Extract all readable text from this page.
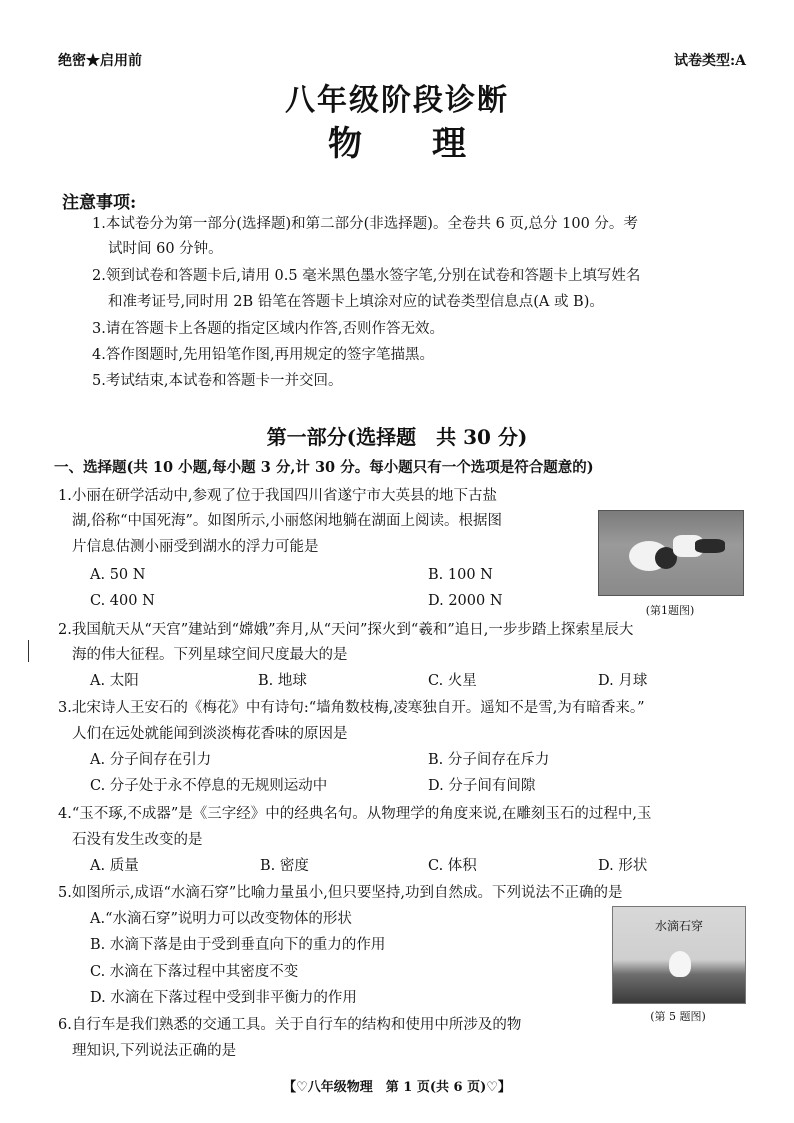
绝密★启用前	试卷类型:A
八年级阶段诊断
物理
注意事项:
1.本试卷分为第一部分(选择题)和第二部分(非选择题)。全卷共 6 页,总分 100 分。考
试时间 60 分钟。
2.领到试卷和答题卡后,请用 0.5 毫米黑色墨水签字笔,分别在试卷和答题卡上填写姓名
和准考证号,同时用 2B 铅笔在答题卡上填涂对应的试卷类型信息点(A 或 B)。
3.请在答题卡上各题的指定区域内作答,否则作答无效。
4.答作图题时,先用铅笔作图,再用规定的签字笔描黑。
5.考试结束,本试卷和答题卡一并交回。
第一部分(选择题　共 30 分)
一、选择题(共 10 小题,每小题 3 分,计 30 分。每小题只有一个选项是符合题意的)
1.小丽在研学活动中,参观了位于我国四川省遂宁市大英县的地下古盐
湖,俗称“中国死海”。如图所示,小丽悠闲地躺在湖面上阅读。根据图
片信息估测小丽受到湖水的浮力可能是
A. 50 N	B. 100 N
C. 400 N	D. 2000 N
(第1题图)
2.我国航天从“天宫”建站到“嫦娥”奔月,从“天问”探火到“羲和”追日,一步步踏上探索星辰大
海的伟大征程。下列星球空间尺度最大的是
A. 太阳	B. 地球	C. 火星	D. 月球
3.北宋诗人王安石的《梅花》中有诗句:“墙角数枝梅,凌寒独自开。遥知不是雪,为有暗香来。”
人们在远处就能闻到淡淡梅花香味的原因是
A. 分子间存在引力	B. 分子间存在斥力
C. 分子处于永不停息的无规则运动中	D. 分子间有间隙
4.“玉不琢,不成器”是《三字经》中的经典名句。从物理学的角度来说,在雕刻玉石的过程中,玉
石没有发生改变的是
A. 质量	B. 密度	C. 体积	D. 形状
5.如图所示,成语“水滴石穿”比喻力量虽小,但只要坚持,功到自然成。下列说法不正确的是
A.“水滴石穿”说明力可以改变物体的形状
B. 水滴下落是由于受到垂直向下的重力的作用
C. 水滴在下落过程中其密度不变
D. 水滴在下落过程中受到非平衡力的作用
水滴石穿
(第 5 题图)
6.自行车是我们熟悉的交通工具。关于自行车的结构和使用中所涉及的物
理知识,下列说法正确的是
【♡八年级物理　第 1 页(共 6 页)♡】
